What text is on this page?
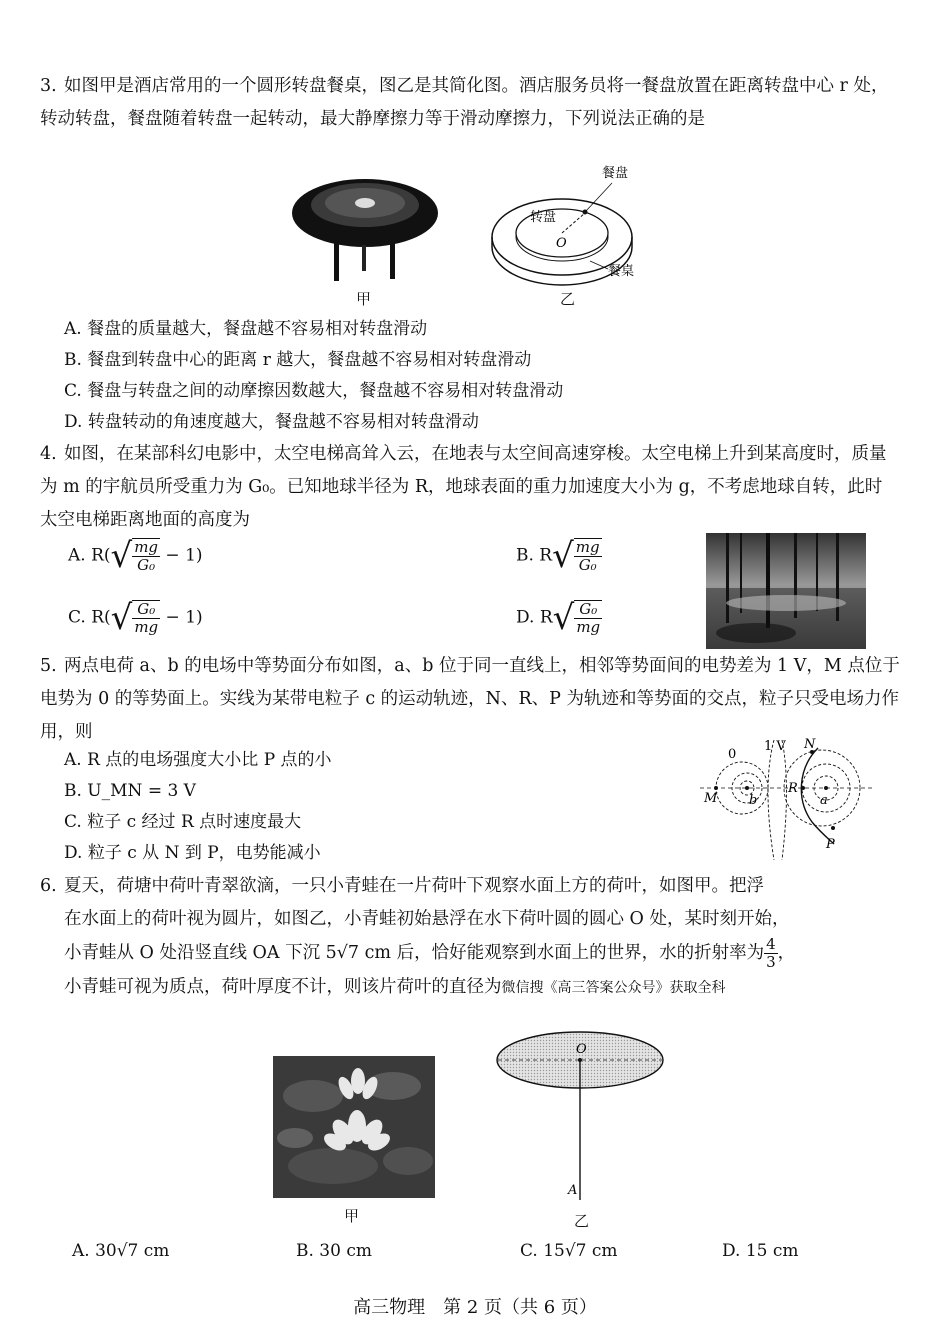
3. 如图甲是酒店常用的一个圆形转盘餐桌，图乙是其简化图。酒店服务员将一餐盘放置在距离转盘中心 r 处，转动转盘，餐盘随着转盘一起转动，最大静摩擦力等于滑动摩擦力，下列说法正确的是
甲
餐盘
转盘
O
餐桌
乙
A. 餐盘的质量越大，餐盘越不容易相对转盘滑动
B. 餐盘到转盘中心的距离 r 越大，餐盘越不容易相对转盘滑动
C. 餐盘与转盘之间的动摩擦因数越大，餐盘越不容易相对转盘滑动
D. 转盘转动的角速度越大，餐盘越不容易相对转盘滑动
4. 如图，在某部科幻电影中，太空电梯高耸入云，在地表与太空间高速穿梭。太空电梯上升到某高度时，质量为 m 的宇航员所受重力为 G₀。已知地球半径为 R，地球表面的重力加速度大小为 g，不考虑地球自转，此时太空电梯距离地面的高度为
A. $R(√ \frac{mg}{\text{G₀}} - 1)$	B. $R√ \frac{mg}{\text{G₀}}$
C. $R(√ \frac{\text{G₀}}{mg} - 1)$	D. $R√ \frac{\text{G₀}}{mg}$
5. 两点电荷 a、b 的电场中等势面分布如图，a、b 位于同一直线上，相邻等势面间的电势差为 1 V，M 点位于电势为 0 的等势面上。实线为某带电粒子 c 的运动轨迹，N、R、P 为轨迹和等势面的交点，粒子只受电场力作用，则
A. R 点的电场强度大小比 P 点的小
B. U_MN = 3 V
C. 粒子 c 经过 R 点时速度最大
D. 粒子 c 从 N 到 P，电势能减小
1 V
0
M b
R
a
N
P
6. 夏天，荷塘中荷叶青翠欲滴，一只小青蛙在一片荷叶下观察水面上方的荷叶，如图甲。把浮
在水面上的荷叶视为圆片，如图乙，小青蛙初始悬浮在水下荷叶圆的圆心 O 处，某时刻开始，
小青蛙从 O 处沿竖直线 OA 下沉 5√7 cm 后，恰好能观察到水面上的世界，水的折射率为 $\frac{4}{3}$ ，
小青蛙可视为质点，荷叶厚度不计，则该片荷叶的直径为微信搜《高三答案公众号》获取全科
甲
O
A
乙
A. 30√7 cm	B. 30 cm	C. 15√7 cm	D. 15 cm
高三物理　第 2 页（共 6 页）
